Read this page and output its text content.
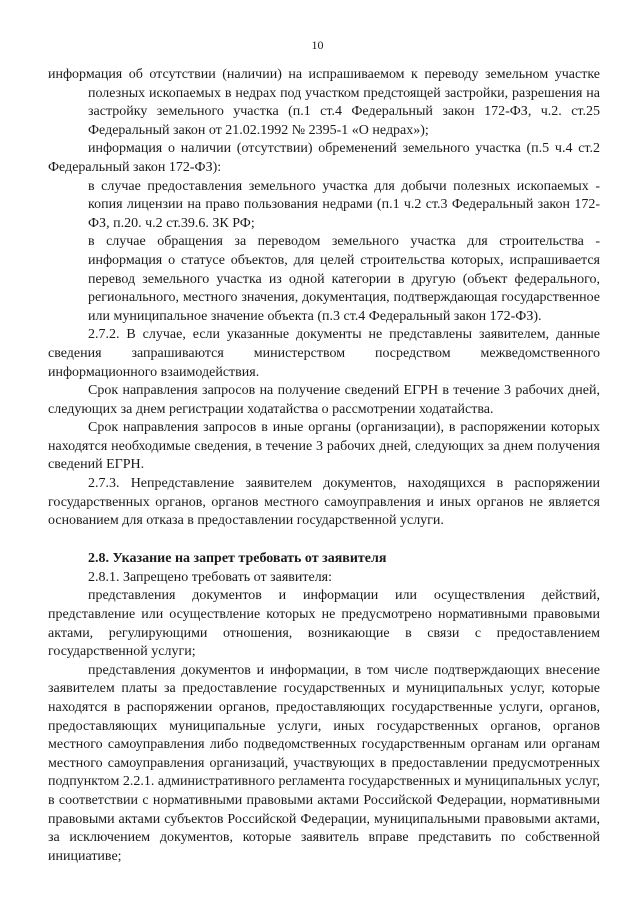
10

информация об отсутствии (наличии) на испрашиваемом к переводу земельном участке полезных ископаемых в недрах под участком предстоящей застройки, разрешения на застройку земельного участка (п.1 ст.4 Федеральный закон 172-ФЗ, ч.2. ст.25 Федеральный закон от 21.02.1992 № 2395-1 «О недрах»);

информация о наличии (отсутствии) обременений земельного участка (п.5 ч.4 ст.2 Федеральный закон 172-ФЗ):

в случае предоставления земельного участка для добычи полезных ископаемых - копия лицензии на право пользования недрами (п.1 ч.2 ст.3 Федеральный закон 172-ФЗ, п.20. ч.2 ст.39.6. ЗК РФ;

в случае обращения за переводом земельного участка для строительства - информация о статусе объектов, для целей строительства которых, испрашивается перевод земельного участка из одной категории в другую (объект федерального, регионального, местного значения, документация, подтверждающая государственное или муниципальное значение объекта (п.3 ст.4 Федеральный закон 172-ФЗ).

2.7.2. В случае, если указанные документы не представлены заявителем, данные сведения запрашиваются министерством посредством межведомственного информационного взаимодействия.

Срок направления запросов на получение сведений ЕГРН в течение 3 рабочих дней, следующих за днем регистрации ходатайства о рассмотрении ходатайства.

Срок направления запросов в иные органы (организации), в распоряжении которых находятся необходимые сведения, в течение 3 рабочих дней, следующих за днем получения сведений ЕГРН.

2.7.3. Непредставление заявителем документов, находящихся в распоряжении государственных органов, органов местного самоуправления и иных органов не является основанием для отказа в предоставлении государственной услуги.

2.8. Указание на запрет требовать от заявителя

2.8.1. Запрещено требовать от заявителя:

представления документов и информации или осуществления действий, представление или осуществление которых не предусмотрено нормативными правовыми актами, регулирующими отношения, возникающие в связи с предоставлением государственной услуги;

представления документов и информации, в том числе подтверждающих внесение заявителем платы за предоставление государственных и муниципальных услуг, которые находятся в распоряжении органов, предоставляющих государственные услуги, органов, предоставляющих муниципальные услуги, иных государственных органов, органов местного самоуправления либо подведомственных государственным органам или органам местного самоуправления организаций, участвующих в предоставлении предусмотренных подпунктом 2.2.1. административного регламента государственных и муниципальных услуг, в соответствии с нормативными правовыми актами Российской Федерации, нормативными правовыми актами субъектов Российской Федерации, муниципальными правовыми актами, за исключением документов, которые заявитель вправе представить по собственной инициативе;
